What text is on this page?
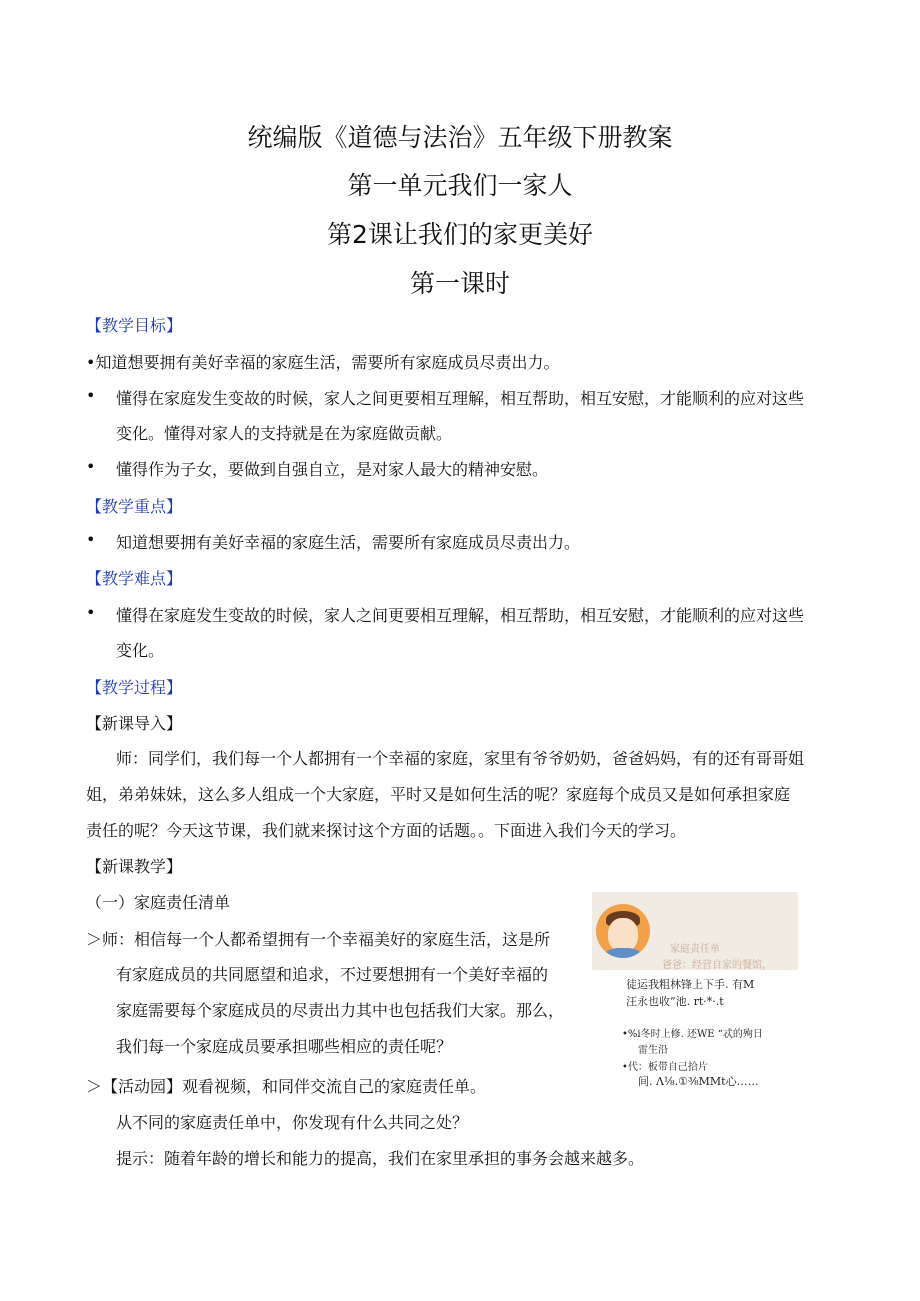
统编版《道德与法治》五年级下册教案
第一单元我们一家人
第2课让我们的家更美好
第一课时
【教学目标】
•知道想要拥有美好幸福的家庭生活，需要所有家庭成员尽责出力。
• 懂得在家庭发生变故的时候，家人之间更要相互理解，相互帮助，相互安慰，才能顺利的应对这些
变化。懂得对家人的支持就是在为家庭做贡献。
• 懂得作为子女，要做到自强自立，是对家人最大的精神安慰。
【教学重点】
• 知道想要拥有美好幸福的家庭生活，需要所有家庭成员尽责出力。
【教学难点】
• 懂得在家庭发生变故的时候，家人之间更要相互理解，相互帮助，相互安慰，才能顺利的应对这些
变化。
【教学过程】
【新课导入】
师：同学们，我们每一个人都拥有一个幸福的家庭，家里有爷爷奶奶，爸爸妈妈，有的还有哥哥姐
姐，弟弟妹妹，这么多人组成一个大家庭，平时又是如何生活的呢？家庭每个成员又是如何承担家庭
责任的呢？今天这节课，我们就来探讨这个方面的话题。。下面进入我们今天的学习。
【新课教学】
（一）家庭责任清单
＞师：相信每一个人都希望拥有一个幸福美好的家庭生活，这是所
有家庭成员的共同愿望和追求，不过要想拥有一个美好幸福的
家庭需要每个家庭成员的尽责出力其中也包括我们大家。那么，
我们每一个家庭成员要承担哪些相应的责任呢？
＞【活动园】观看视频，和同伴交流自己的家庭责任单。
从不同的家庭责任单中，你发现有什么共同之处？
提示：随着年龄的增长和能力的提高，我们在家里承担的事务会越来越多。
家庭责任单
爸爸：经营自家的餐馆，
徒运我粗林锋上下手. 有M
汪永也收”池. rt·*·.t
•%i冬时上修. 还WE “忒的殉日
雷生沿
•代：板带自己拾片
间. Λ⅛.①⅜MMt心……
